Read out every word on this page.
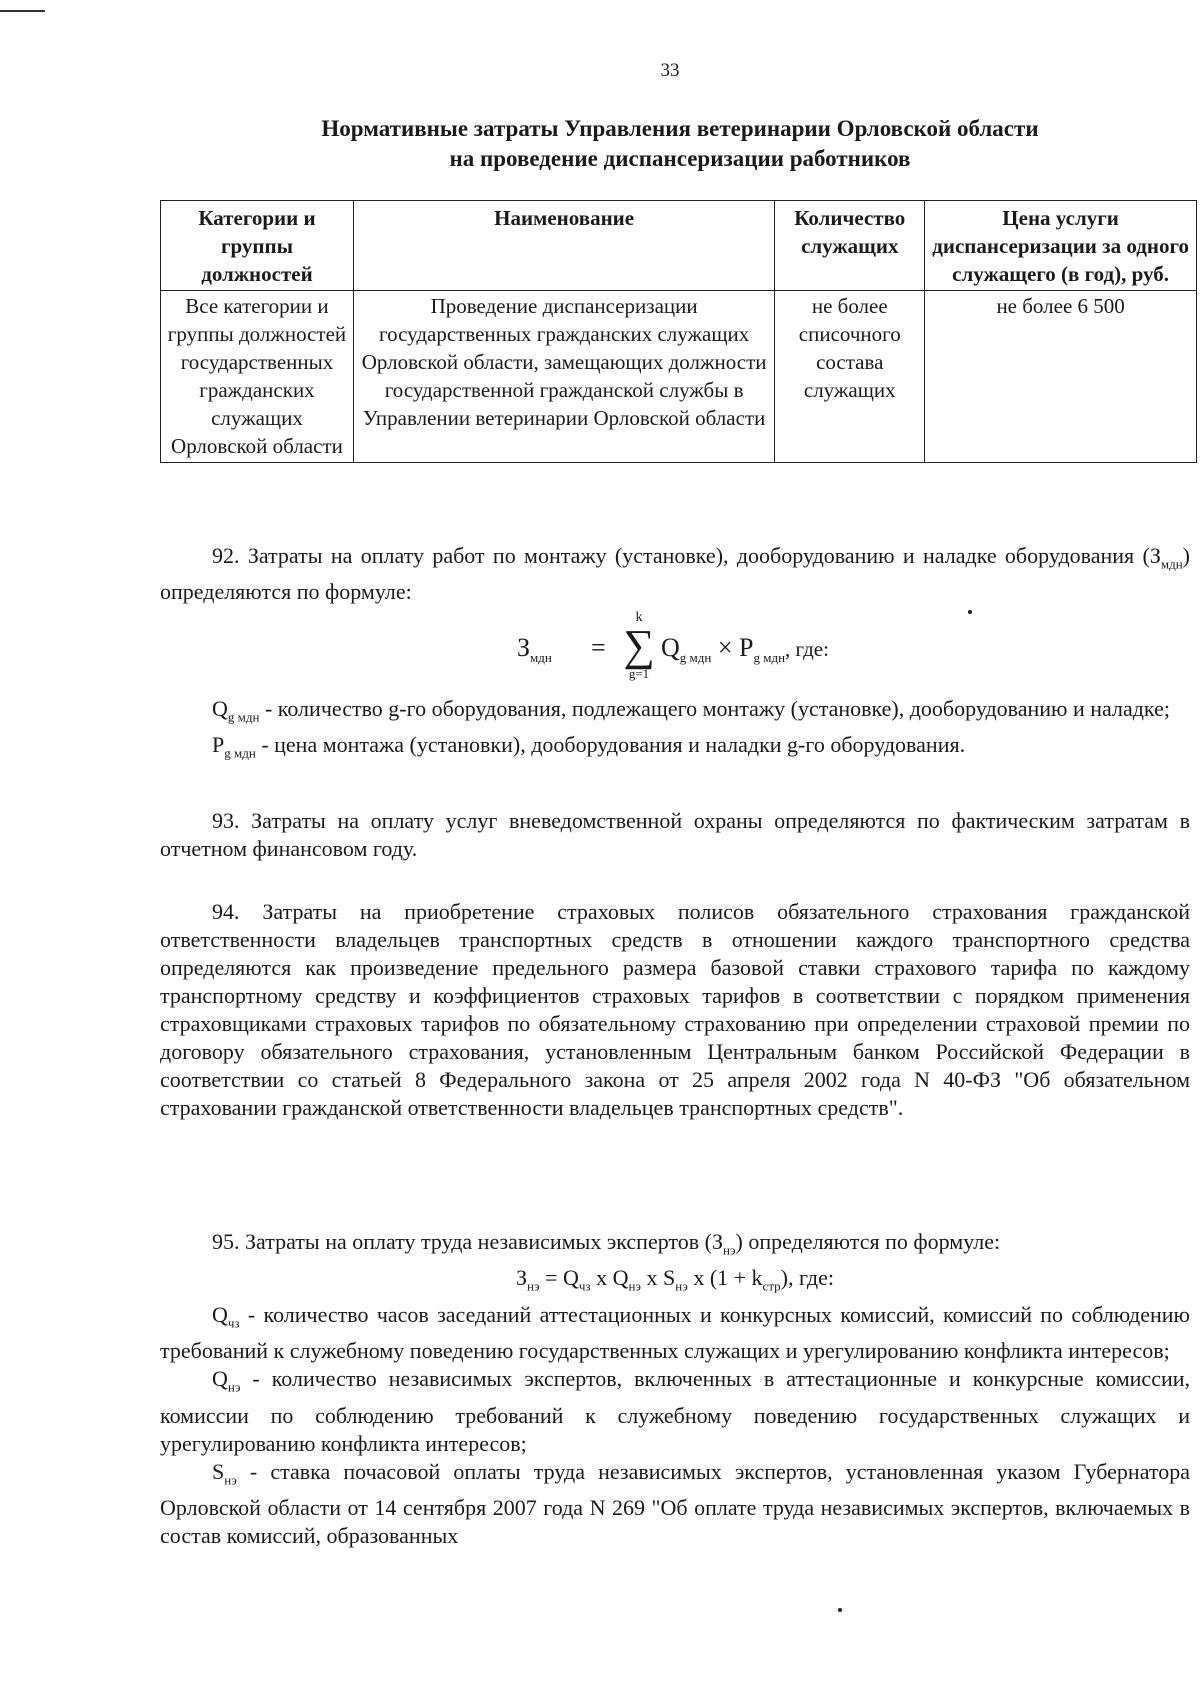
33
Нормативные затраты Управления ветеринарии Орловской области
на проведение диспансеризации работников
Категории и группы должностей	Наименование	Количество служащих	Цена услуги диспансеризации за одного служащего (в год), руб.
Все категории и группы должностей государственных гражданских служащих Орловской области	Проведение диспансеризации государственных гражданских служащих Орловской области, замещающих должности государственной гражданской службы в Управлении ветеринарии Орловской области	не более списочного состава служащих	не более 6 500

92. Затраты на оплату работ по монтажу (установке), дооборудованию и наладке оборудования $(З_{мдн})$ определяются по формуле:

$З_{мдн}$ =
k
∑
g=1
$Q_{g мдн} \times P_{g мдн}$, где:

$Q_{g мдн}$ - количество g-го оборудования, подлежащего монтажу (установке), дооборудованию и наладке;

$P_{g мдн}$ - цена монтажа (установки), дооборудования и наладки g-го оборудования.

93. Затраты на оплату услуг вневедомственной охраны определяются по фактическим затратам в отчетном финансовом году.

94. Затраты на приобретение страховых полисов обязательного страхования гражданской ответственности владельцев транспортных средств в отношении каждого транспортного средства определяются как произведение предельного размера базовой ставки страхового тарифа по каждому транспортному средству и коэффициентов страховых тарифов в соответствии с порядком применения страховщиками страховых тарифов по обязательному страхованию при определении страховой премии по договору обязательного страхования, установленным Центральным банком Российской Федерации в соответствии со статьей 8 Федерального закона от 25 апреля 2002 года N 40-ФЗ "Об обязательном страховании гражданской ответственности владельцев транспортных средств".

95. Затраты на оплату труда независимых экспертов $(З_{нэ})$ определяются по формуле:

$З_{нэ} = Q_{чз}$ x $Q_{нэ}$ x $S_{нэ}$ x $(1 + k_{стр})$, где:

$Q_{чз}$ - количество часов заседаний аттестационных и конкурсных комиссий, комиссий по соблюдению требований к служебному поведению государственных служащих и урегулированию конфликта интересов;

$Q_{нэ}$ - количество независимых экспертов, включенных в аттестационные и конкурсные комиссии, комиссии по соблюдению требований к служебному поведению государственных служащих и урегулированию конфликта интересов;

$S_{нэ}$ - ставка почасовой оплаты труда независимых экспертов, установленная указом Губернатора Орловской области от 14 сентября 2007 года N 269 "Об оплате труда независимых экспертов, включаемых в состав комиссий, образованных
